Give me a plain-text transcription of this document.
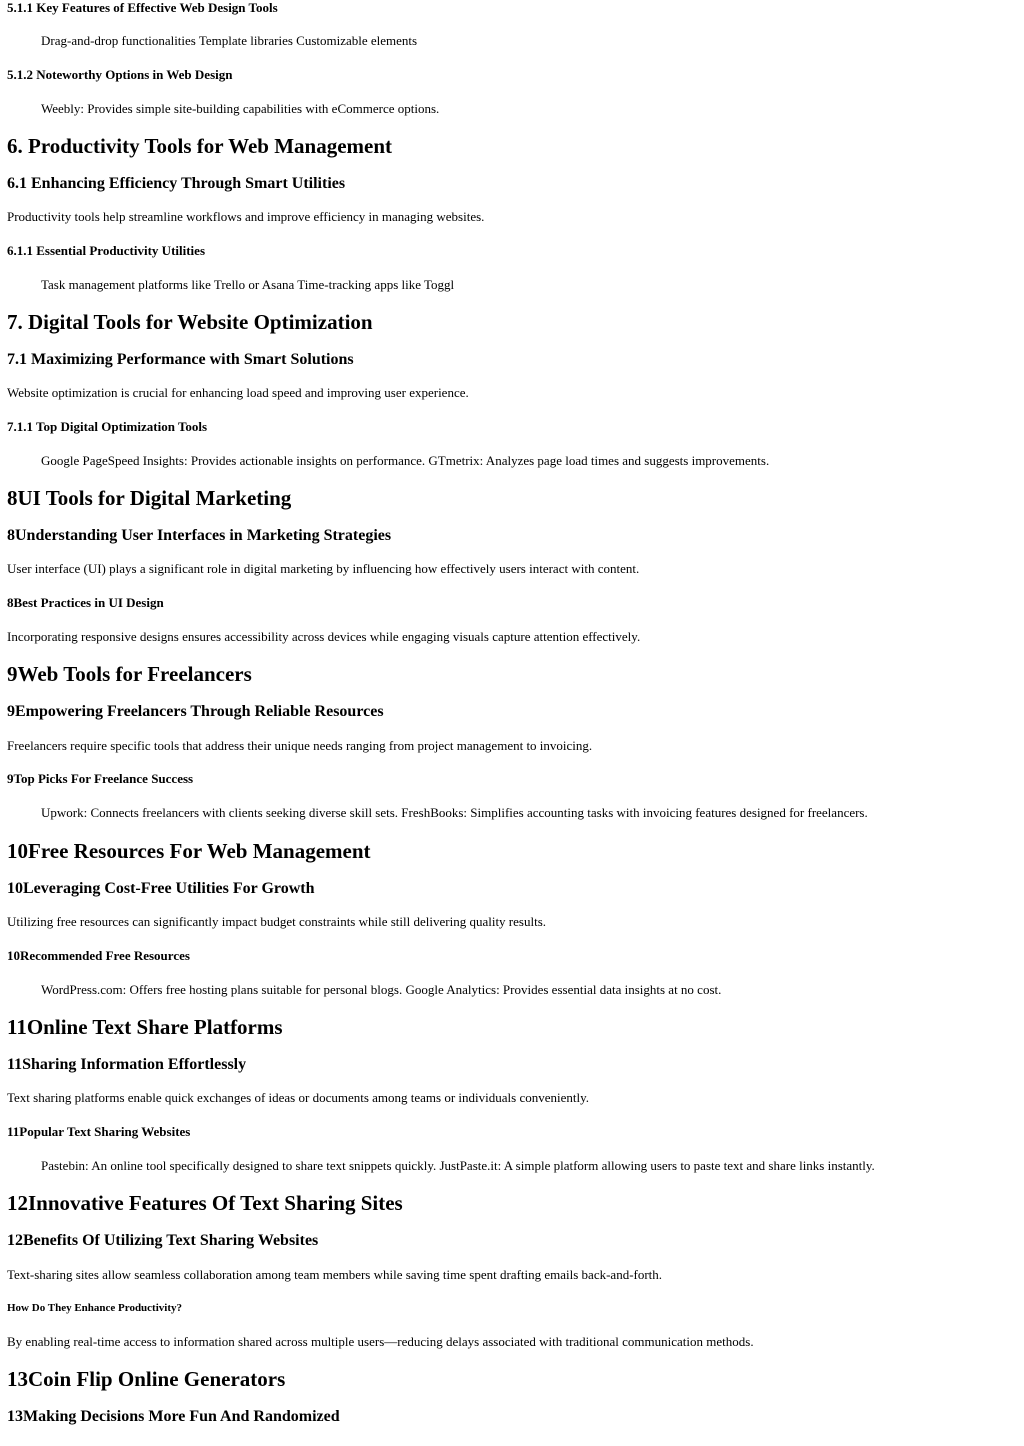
5.1.1 Key Features of Effective Web Design Tools
Drag-and-drop functionalities Template libraries Customizable elements
5.1.2 Noteworthy Options in Web Design
Weebly: Provides simple site-building capabilities with eCommerce options.
6. Productivity Tools for Web Management
6.1 Enhancing Efficiency Through Smart Utilities
Productivity tools help streamline workflows and improve efficiency in managing websites.
6.1.1 Essential Productivity Utilities
Task management platforms like Trello or Asana Time-tracking apps like Toggl
7. Digital Tools for Website Optimization
7.1 Maximizing Performance with Smart Solutions
Website optimization is crucial for enhancing load speed and improving user experience.
7.1.1 Top Digital Optimization Tools
Google PageSpeed Insights: Provides actionable insights on performance. GTmetrix: Analyzes page load times and suggests improvements.
8UI Tools for Digital Marketing
8Understanding User Interfaces in Marketing Strategies
User interface (UI) plays a significant role in digital marketing by influencing how effectively users interact with content.
8Best Practices in UI Design
Incorporating responsive designs ensures accessibility across devices while engaging visuals capture attention effectively.
9Web Tools for Freelancers
9Empowering Freelancers Through Reliable Resources
Freelancers require specific tools that address their unique needs ranging from project management to invoicing.
9Top Picks For Freelance Success
Upwork: Connects freelancers with clients seeking diverse skill sets. FreshBooks: Simplifies accounting tasks with invoicing features designed for freelancers.
10Free Resources For Web Management
10Leveraging Cost-Free Utilities For Growth
Utilizing free resources can significantly impact budget constraints while still delivering quality results.
10Recommended Free Resources
WordPress.com: Offers free hosting plans suitable for personal blogs. Google Analytics: Provides essential data insights at no cost.
11Online Text Share Platforms
11Sharing Information Effortlessly
Text sharing platforms enable quick exchanges of ideas or documents among teams or individuals conveniently.
11Popular Text Sharing Websites
Pastebin: An online tool specifically designed to share text snippets quickly. JustPaste.it: A simple platform allowing users to paste text and share links instantly.
12Innovative Features Of Text Sharing Sites
12Benefits Of Utilizing Text Sharing Websites
Text-sharing sites allow seamless collaboration among team members while saving time spent drafting emails back-and-forth.
How Do They Enhance Productivity?
By enabling real-time access to information shared across multiple users—reducing delays associated with traditional communication methods.
13Coin Flip Online Generators
13Making Decisions More Fun And Randomized
